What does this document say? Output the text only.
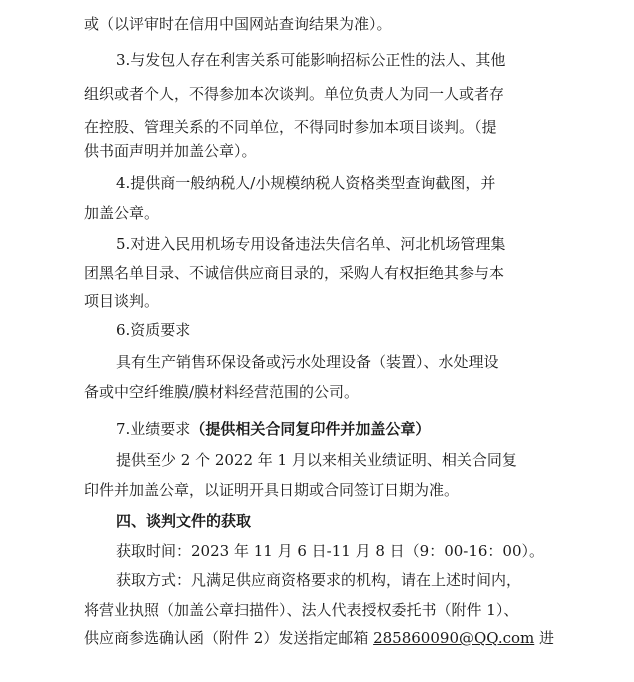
或（以评审时在信用中国网站查询结果为准）。
3.与发包人存在利害关系可能影响招标公正性的法人、其他
组织或者个人，不得参加本次谈判。单位负责人为同一人或者存
在控股、管理关系的不同单位，不得同时参加本项目谈判。（提
供书面声明并加盖公章）。
4.提供商一般纳税人/小规模纳税人资格类型查询截图，并
加盖公章。
5.对进入民用机场专用设备违法失信名单、河北机场管理集
团黑名单目录、不诚信供应商目录的，采购人有权拒绝其参与本
项目谈判。
6.资质要求
具有生产销售环保设备或污水处理设备（装置）、水处理设
备或中空纤维膜/膜材料经营范围的公司。
7.业绩要求（提供相关合同复印件并加盖公章）
提供至少 2 个 2022 年 1 月以来相关业绩证明、相关合同复
印件并加盖公章，以证明开具日期或合同签订日期为准。
四、谈判文件的获取
获取时间：2023 年 11 月 6 日-11 月 8 日（9：00-16：00）。
获取方式：凡满足供应商资格要求的机构，请在上述时间内，
将营业执照（加盖公章扫描件）、法人代表授权委托书（附件 1）、
供应商参选确认函（附件 2）发送指定邮箱 285860090@QQ.com 进
